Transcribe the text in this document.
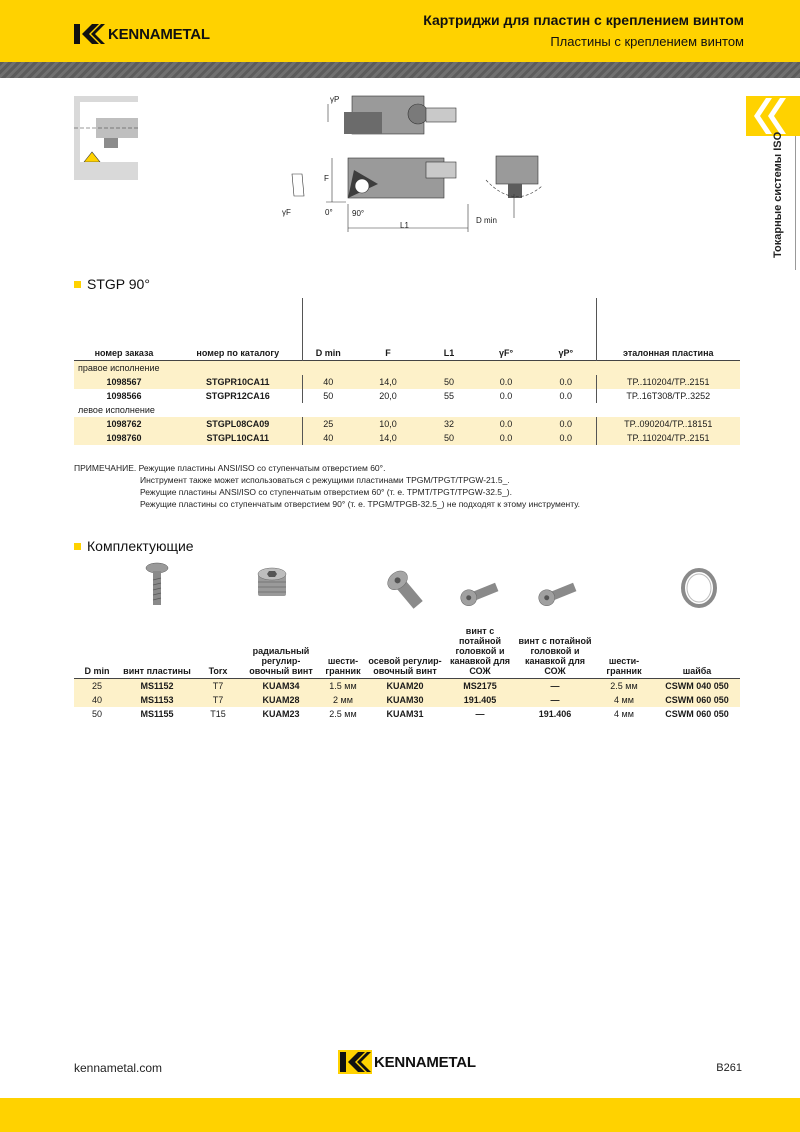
KENNAMETAL
Картриджи для пластин с креплением винтом
Пластины с креплением винтом
Токарные системы ISO
γP
F
γF	0° 90°
L1
D min
STGP 90°
номер заказа	номер по каталогу	D min	F	L1	γF°	γP°	эталонная пластина
правое исполнение							
1098567	STGPR10CA11	40	14,0	50	0.0	0.0	TP..110204/TP..2151
1098566	STGPR12CA16	50	20,0	55	0.0	0.0	TP..16T308/TP..3252
левое исполнение							
1098762	STGPL08CA09	25	10,0	32	0.0	0.0	TP..090204/TP..18151
1098760	STGPL10CA11	40	14,0	50	0.0	0.0	TP..110204/TP..2151
ПРИМЕЧАНИЕ. Режущие пластины ANSI/ISO со ступенчатым отверстием 60°.
Инструмент также может использоваться с режущими пластинами TPGM/TPGT/TPGW-21.5_.
Режущие пластины ANSI/ISO со ступенчатым отверстием 60° (т. е. TPMT/TPGT/TPGW-32.5_).
Режущие пластины со ступенчатым отверстием 90° (т. е. TPGM/TPGB-32.5_) не подходят к этому инструменту.
Комплектующие
D min	винт пластины	Torx	радиальный регулир- овочный винт	шести- гранник	осевой регулир- овочный винт	винт с потайной головкой и канавкой для СОЖ	винт с потайной головкой и канавкой для СОЖ	шести- гранник	шайба
25	MS1152	T7	KUAM34	1.5 мм	KUAM20	MS2175	—	2.5 мм	CSWM 040 050
40	MS1153	T7	KUAM28	2 мм	KUAM30	191.405	—	4 мм	CSWM 060 050
50	MS1155	T15	KUAM23	2.5 мм	KUAM31	—	191.406	4 мм	CSWM 060 050
kennametal.com	KENNAMETAL	B261
